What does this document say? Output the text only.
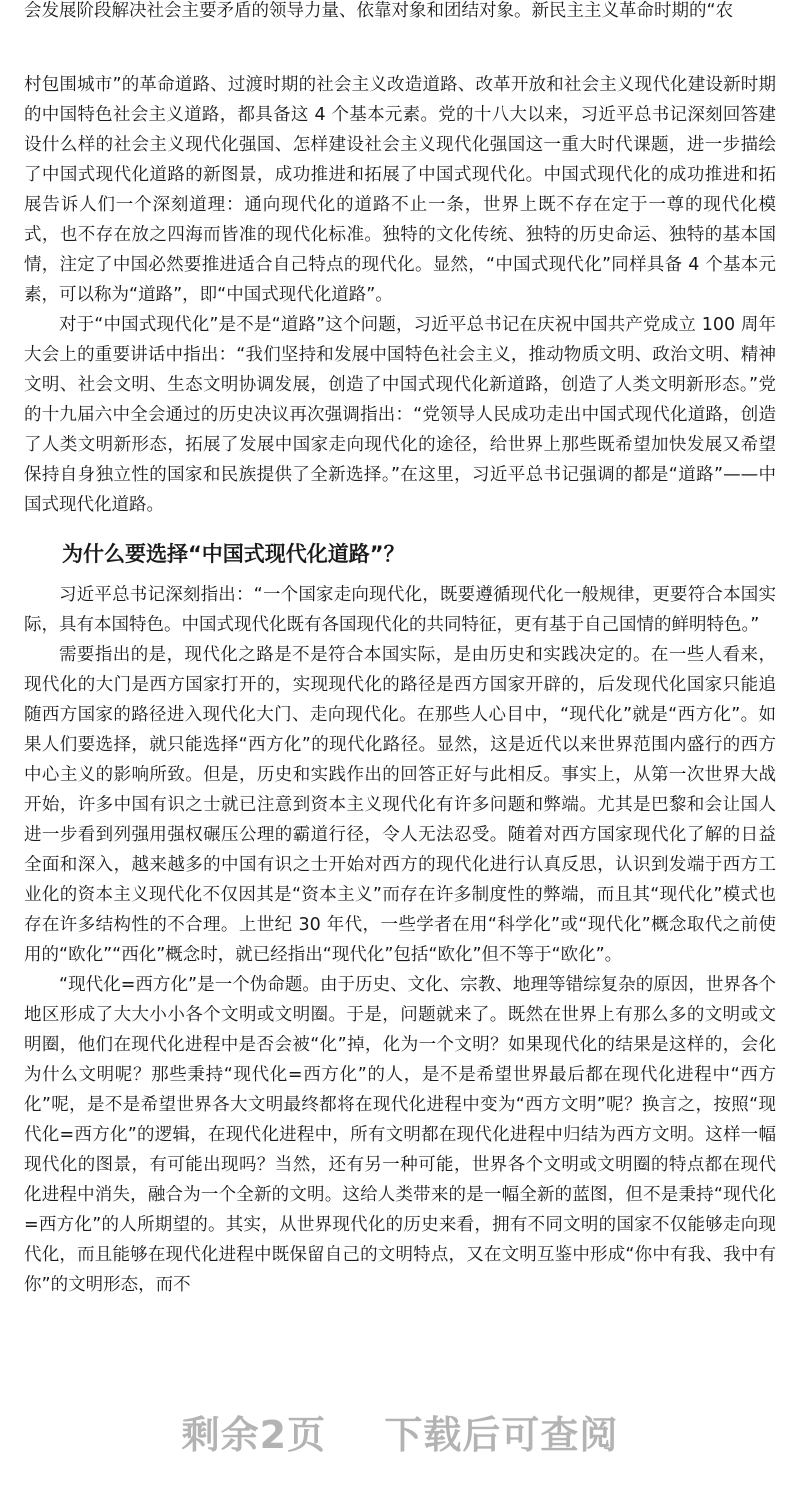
会发展阶段解决社会主要矛盾的领导力量、依靠对象和团结对象。新民主主义革命时期的“农

村包围城市”的革命道路、过渡时期的社会主义改造道路、改革开放和社会主义现代化建设新时期的中国特色社会主义道路，都具备这 4 个基本元素。党的十八大以来，习近平总书记深刻回答建设什么样的社会主义现代化强国、怎样建设社会主义现代化强国这一重大时代课题，进一步描绘了中国式现代化道路的新图景，成功推进和拓展了中国式现代化。中国式现代化的成功推进和拓展告诉人们一个深刻道理：通向现代化的道路不止一条，世界上既不存在定于一尊的现代化模式，也不存在放之四海而皆准的现代化标准。独特的文化传统、独特的历史命运、独特的基本国情，注定了中国必然要推进适合自己特点的现代化。显然，“中国式现代化”同样具备 4 个基本元素，可以称为“道路”，即“中国式现代化道路”。

对于“中国式现代化”是不是“道路”这个问题，习近平总书记在庆祝中国共产党成立 100 周年大会上的重要讲话中指出：“我们坚持和发展中国特色社会主义，推动物质文明、政治文明、精神文明、社会文明、生态文明协调发展，创造了中国式现代化新道路，创造了人类文明新形态。”党的十九届六中全会通过的历史决议再次强调指出：“党领导人民成功走出中国式现代化道路，创造了人类文明新形态，拓展了发展中国家走向现代化的途径，给世界上那些既希望加快发展又希望保持自身独立性的国家和民族提供了全新选择。”在这里，习近平总书记强调的都是“道路”——中国式现代化道路。

为什么要选择“中国式现代化道路”？

习近平总书记深刻指出：“一个国家走向现代化，既要遵循现代化一般规律，更要符合本国实际，具有本国特色。中国式现代化既有各国现代化的共同特征，更有基于自己国情的鲜明特色。”

需要指出的是，现代化之路是不是符合本国实际，是由历史和实践决定的。在一些人看来，现代化的大门是西方国家打开的，实现现代化的路径是西方国家开辟的，后发现代化国家只能追随西方国家的路径进入现代化大门、走向现代化。在那些人心目中，“现代化”就是“西方化”。如果人们要选择，就只能选择“西方化”的现代化路径。显然，这是近代以来世界范围内盛行的西方中心主义的影响所致。但是，历史和实践作出的回答正好与此相反。事实上，从第一次世界大战开始，许多中国有识之士就已注意到资本主义现代化有许多问题和弊端。尤其是巴黎和会让国人进一步看到列强用强权碾压公理的霸道行径，令人无法忍受。随着对西方国家现代化了解的日益全面和深入，越来越多的中国有识之士开始对西方的现代化进行认真反思，认识到发端于西方工业化的资本主义现代化不仅因其是“资本主义”而存在许多制度性的弊端，而且其“现代化”模式也存在许多结构性的不合理。上世纪 30 年代，一些学者在用“科学化”或“现代化”概念取代之前使用的“欧化”“西化”概念时，就已经指出“现代化”包括“欧化”但不等于“欧化”。

“现代化=西方化”是一个伪命题。由于历史、文化、宗教、地理等错综复杂的原因，世界各个地区形成了大大小小各个文明或文明圈。于是，问题就来了。既然在世界上有那么多的文明或文明圈，他们在现代化进程中是否会被“化”掉，化为一个文明？如果现代化的结果是这样的，会化为什么文明呢？那些秉持“现代化=西方化”的人，是不是希望世界最后都在现代化进程中“西方化”呢，是不是希望世界各大文明最终都将在现代化进程中变为“西方文明”呢？换言之，按照“现代化=西方化”的逻辑，在现代化进程中，所有文明都在现代化进程中归结为西方文明。这样一幅现代化的图景，有可能出现吗？当然，还有另一种可能，世界各个文明或文明圈的特点都在现代化进程中消失，融合为一个全新的文明。这给人类带来的是一幅全新的蓝图，但不是秉持“现代化=西方化”的人所期望的。其实，从世界现代化的历史来看，拥有不同文明的国家不仅能够走向现代化，而且能够在现代化进程中既保留自己的文明特点，又在文明互鉴中形成“你中有我、我中有你”的文明形态，而不

剩余2页 下载后可查阅
